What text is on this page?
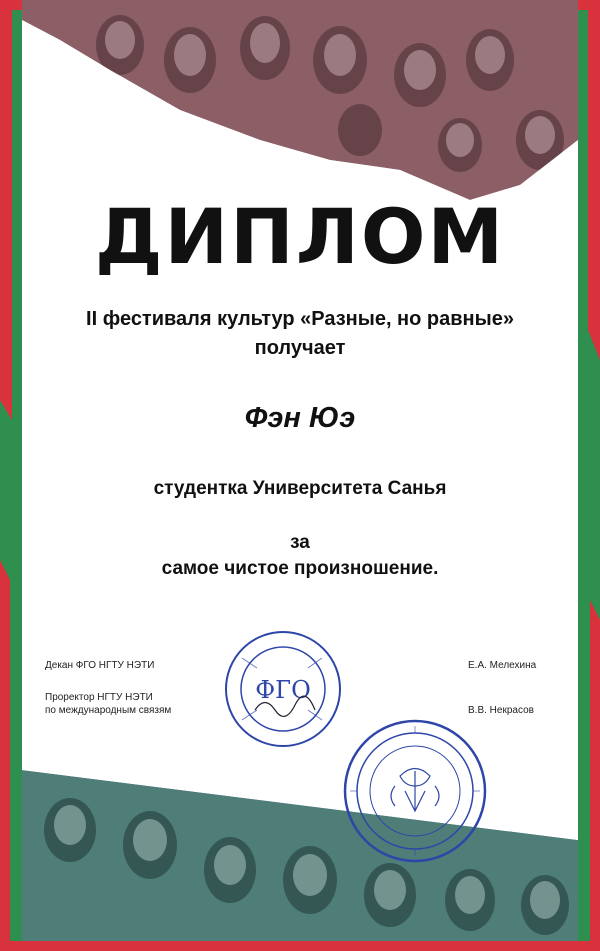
ДИПЛОМ
II фестиваля культур «Разные, но равные»
получает
Фэн Юэ
студентка Университета Санья
за
самое чистое произношение.
Декан ФГО НГТУ НЭТИ	Е.А. Мелехина
Проректор НГТУ НЭТИ
по международным связям	В.В. Некрасов
ФГО
